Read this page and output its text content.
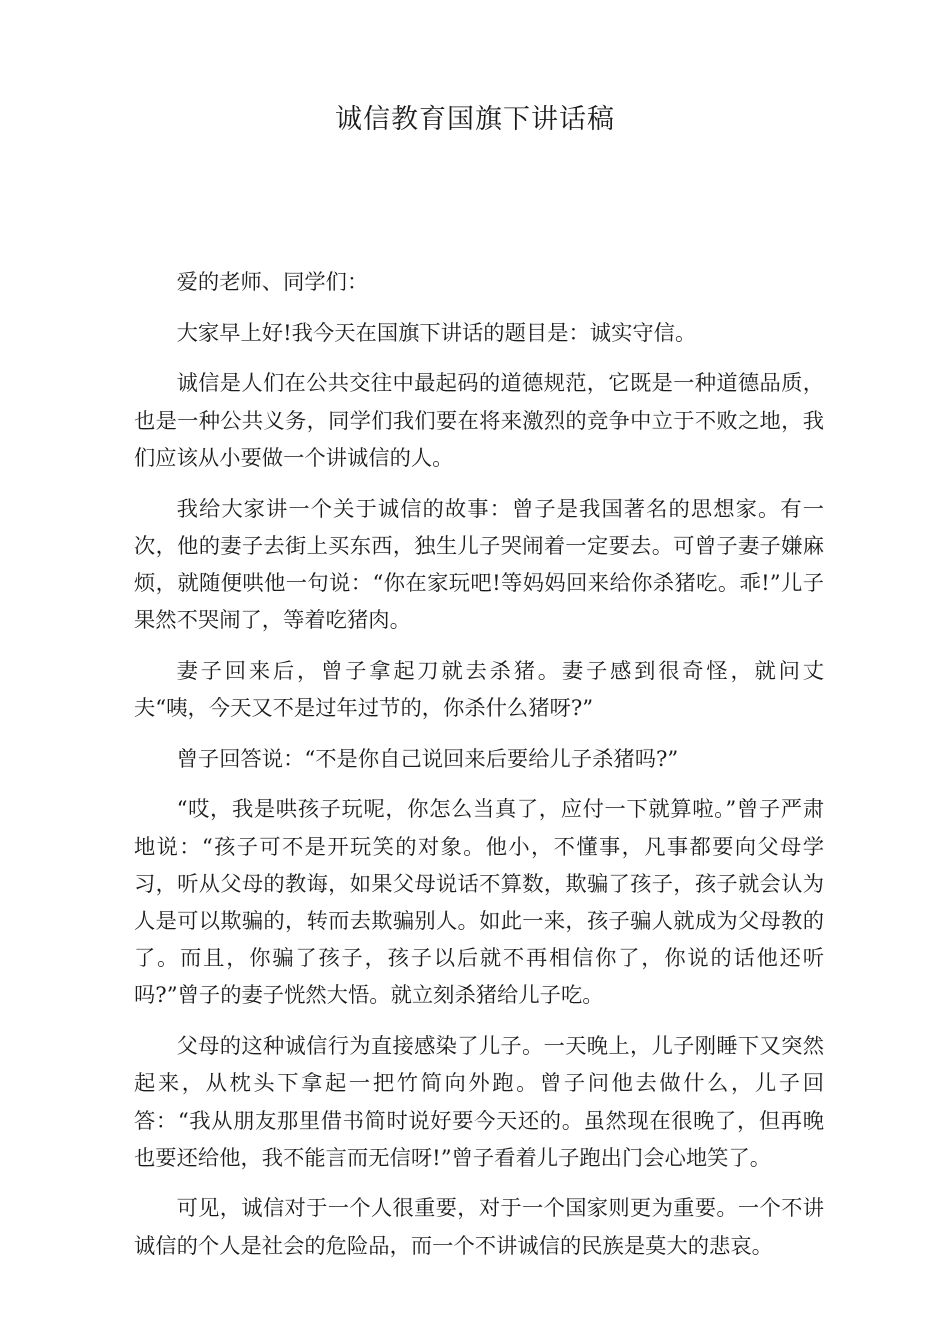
诚信教育国旗下讲话稿

爱的老师、同学们：

大家早上好!我今天在国旗下讲话的题目是：诚实守信。

诚信是人们在公共交往中最起码的道德规范，它既是一种道德品质，也是一种公共义务，同学们我们要在将来激烈的竞争中立于不败之地，我们应该从小要做一个讲诚信的人。

我给大家讲一个关于诚信的故事：曾子是我国著名的思想家。有一次，他的妻子去街上买东西，独生儿子哭闹着一定要去。可曾子妻子嫌麻烦，就随便哄他一句说：“你在家玩吧!等妈妈回来给你杀猪吃。乖!”儿子果然不哭闹了，等着吃猪肉。

妻子回来后，曾子拿起刀就去杀猪。妻子感到很奇怪，就问丈夫“咦，今天又不是过年过节的，你杀什么猪呀?”

曾子回答说：“不是你自己说回来后要给儿子杀猪吗?”

“哎，我是哄孩子玩呢，你怎么当真了，应付一下就算啦。”曾子严肃地说：“孩子可不是开玩笑的对象。他小，不懂事，凡事都要向父母学习，听从父母的教诲，如果父母说话不算数，欺骗了孩子，孩子就会认为人是可以欺骗的，转而去欺骗别人。如此一来，孩子骗人就成为父母教的了。而且，你骗了孩子，孩子以后就不再相信你了，你说的话他还听吗?”曾子的妻子恍然大悟。就立刻杀猪给儿子吃。

父母的这种诚信行为直接感染了儿子。一天晚上，儿子刚睡下又突然起来，从枕头下拿起一把竹简向外跑。曾子问他去做什么，儿子回答：“我从朋友那里借书简时说好要今天还的。虽然现在很晚了，但再晚也要还给他，我不能言而无信呀!”曾子看着儿子跑出门会心地笑了。

可见，诚信对于一个人很重要，对于一个国家则更为重要。一个不讲诚信的个人是社会的危险品，而一个不讲诚信的民族是莫大的悲哀。
